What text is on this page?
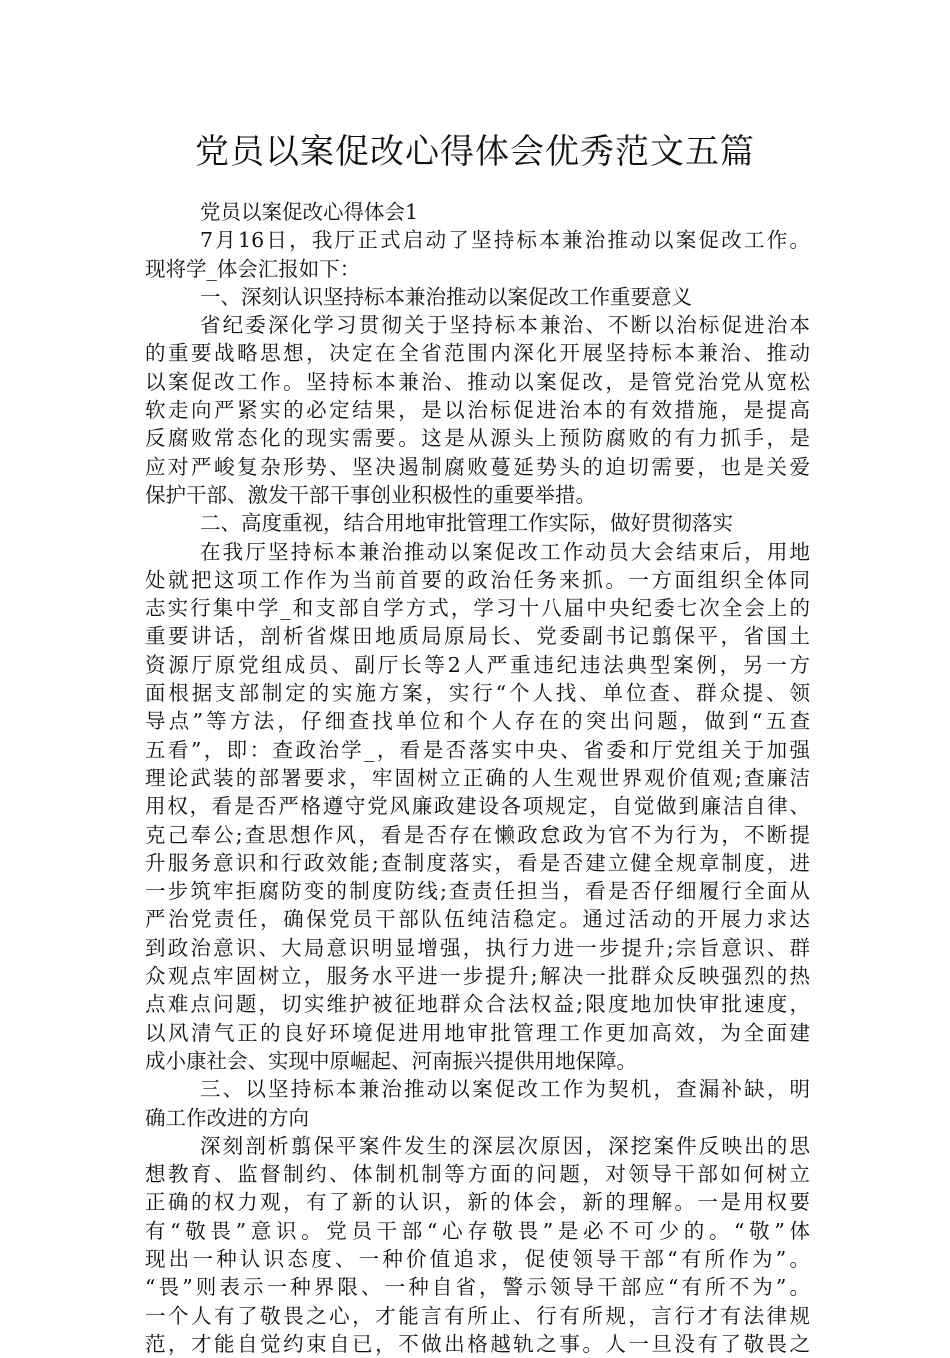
党员以案促改心得体会优秀范文五篇
党员以案促改心得体会1
7月16日，我厅正式启动了坚持标本兼治推动以案促改工作。
现将学_体会汇报如下：
一、深刻认识坚持标本兼治推动以案促改工作重要意义
省纪委深化学习贯彻关于坚持标本兼治、不断以治标促进治本
的重要战略思想，决定在全省范围内深化开展坚持标本兼治、推动
以案促改工作。坚持标本兼治、推动以案促改，是管党治党从宽松
软走向严紧实的必定结果，是以治标促进治本的有效措施，是提高
反腐败常态化的现实需要。这是从源头上预防腐败的有力抓手，是
应对严峻复杂形势、坚决遏制腐败蔓延势头的迫切需要，也是关爱
保护干部、激发干部干事创业积极性的重要举措。
二、高度重视，结合用地审批管理工作实际，做好贯彻落实
在我厅坚持标本兼治推动以案促改工作动员大会结束后，用地
处就把这项工作作为当前首要的政治任务来抓。一方面组织全体同
志实行集中学_和支部自学方式，学习十八届中央纪委七次全会上的
重要讲话，剖析省煤田地质局原局长、党委副书记翦保平，省国土
资源厅原党组成员、副厅长等2人严重违纪违法典型案例，另一方
面根据支部制定的实施方案，实行“个人找、单位查、群众提、领
导点”等方法，仔细查找单位和个人存在的突出问题，做到“五查
五看”，即：查政治学_，看是否落实中央、省委和厅党组关于加强
理论武装的部署要求，牢固树立正确的人生观世界观价值观;查廉洁
用权，看是否严格遵守党风廉政建设各项规定，自觉做到廉洁自律、
克己奉公;查思想作风，看是否存在懒政怠政为官不为行为，不断提
升服务意识和行政效能;查制度落实，看是否建立健全规章制度，进
一步筑牢拒腐防变的制度防线;查责任担当，看是否仔细履行全面从
严治党责任，确保党员干部队伍纯洁稳定。通过活动的开展力求达
到政治意识、大局意识明显增强，执行力进一步提升;宗旨意识、群
众观点牢固树立，服务水平进一步提升;解决一批群众反映强烈的热
点难点问题，切实维护被征地群众合法权益;限度地加快审批速度，
以风清气正的良好环境促进用地审批管理工作更加高效，为全面建
成小康社会、实现中原崛起、河南振兴提供用地保障。
三、以坚持标本兼治推动以案促改工作为契机，查漏补缺，明
确工作改进的方向
深刻剖析翦保平案件发生的深层次原因，深挖案件反映出的思
想教育、监督制约、体制机制等方面的问题，对领导干部如何树立
正确的权力观，有了新的认识，新的体会，新的理解。一是用权要
有“敬畏”意识。党员干部“心存敬畏”是必不可少的。“敬”体
现出一种认识态度、一种价值追求，促使领导干部“有所作为”。
“畏”则表示一种界限、一种自省，警示领导干部应“有所不为”。
一个人有了敬畏之心，才能言有所止、行有所规，言行才有法律规
范，才能自觉约束自已，不做出格越轨之事。人一旦没有了敬畏之
